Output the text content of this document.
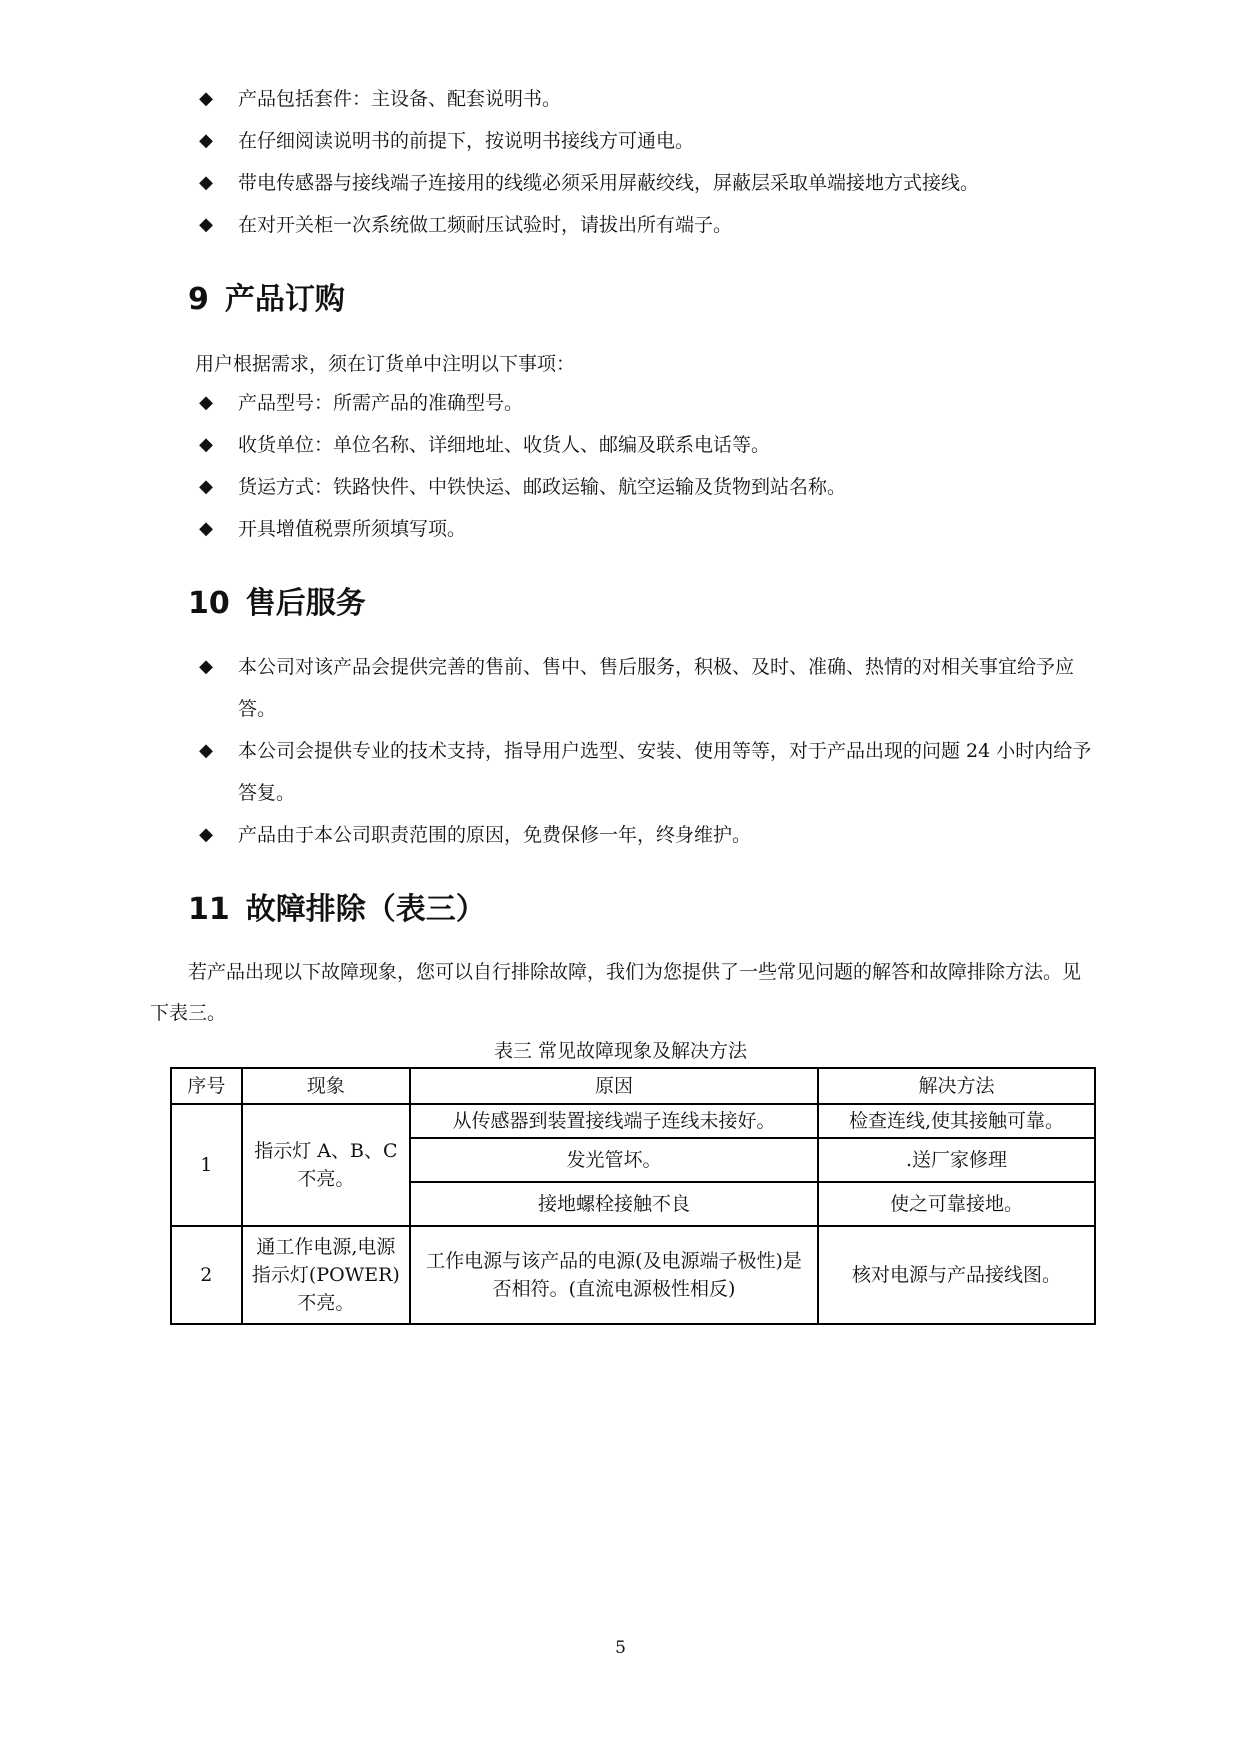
◆ 产品包括套件：主设备、配套说明书。
◆ 在仔细阅读说明书的前提下，按说明书接线方可通电。
◆ 带电传感器与接线端子连接用的线缆必须采用屏蔽绞线，屏蔽层采取单端接地方式接线。
◆ 在对开关柜一次系统做工频耐压试验时，请拔出所有端子。
9 产品订购
用户根据需求，须在订货单中注明以下事项：
◆ 产品型号：所需产品的准确型号。
◆ 收货单位：单位名称、详细地址、收货人、邮编及联系电话等。
◆ 货运方式：铁路快件、中铁快运、邮政运输、航空运输及货物到站名称。
◆ 开具增值税票所须填写项。
10 售后服务
◆ 本公司对该产品会提供完善的售前、售中、售后服务，积极、及时、准确、热情的对相关事宜给予应答。
◆ 本公司会提供专业的技术支持，指导用户选型、安装、使用等等，对于产品出现的问题 24 小时内给予答复。
◆ 产品由于本公司职责范围的原因，免费保修一年，终身维护。
11 故障排除（表三）
若产品出现以下故障现象，您可以自行排除故障，我们为您提供了一些常见问题的解答和故障排除方法。见下表三。
表三 常见故障现象及解决方法
序号	现象	原因	解决方法
1	指示灯 A、B、C 不亮。	从传感器到装置接线端子连线未接好。	检查连线,使其接触可靠。
		发光管坏。	.送厂家修理
		接地螺栓接触不良	使之可靠接地。
2	通工作电源,电源指示灯(POWER)不亮。	工作电源与该产品的电源(及电源端子极性)是否相符。(直流电源极性相反)	核对电源与产品接线图。
5
